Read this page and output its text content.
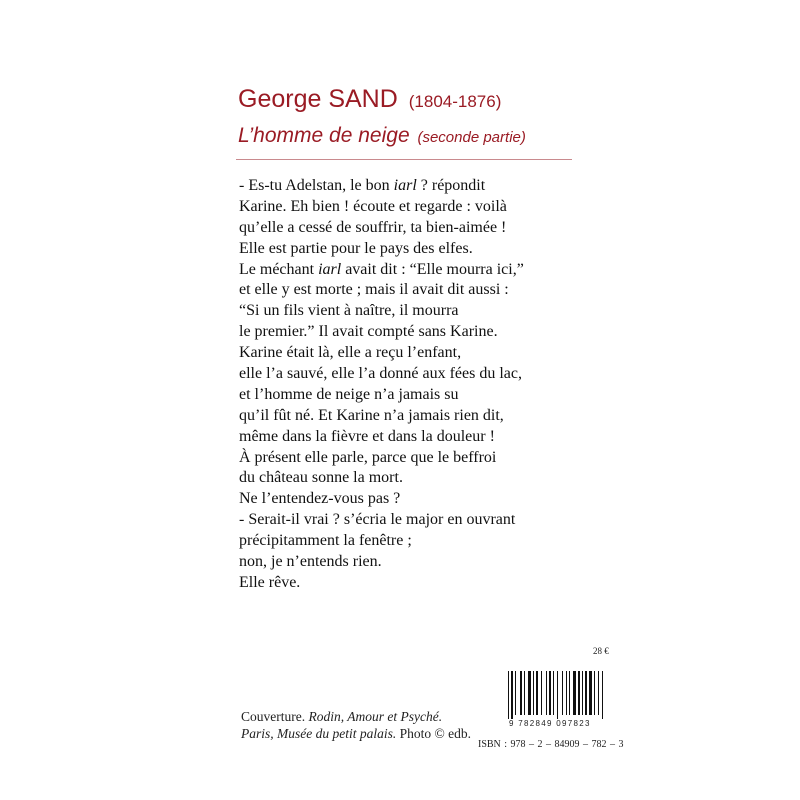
George SAND (1804-1876)
L’homme de neige (seconde partie)
- Es-tu Adelstan, le bon iarl ? répondit
Karine. Eh bien ! écoute et regarde : voilà
qu’elle a cessé de souffrir, ta bien-aimée !
Elle est partie pour le pays des elfes.
Le méchant iarl avait dit : “Elle mourra ici,”
et elle y est morte ; mais il avait dit aussi :
“Si un fils vient à naître, il mourra
le premier.” Il avait compté sans Karine.
Karine était là, elle a reçu l’enfant,
elle l’a sauvé, elle l’a donné aux fées du lac,
et l’homme de neige n’a jamais su
qu’il fût né. Et Karine n’a jamais rien dit,
même dans la fièvre et dans la douleur !
À présent elle parle, parce que le beffroi
du château sonne la mort.
Ne l’entendez-vous pas ?
- Serait-il vrai ? s’écria le major en ouvrant
précipitamment la fenêtre ;
non, je n’entends rien.
Elle rêve.
28 €
9 782849 097823
Couverture. Rodin, Amour et Psyché.
Paris, Musée du petit palais. Photo © edb.
ISBN : 978 – 2 – 84909 – 782 – 3
